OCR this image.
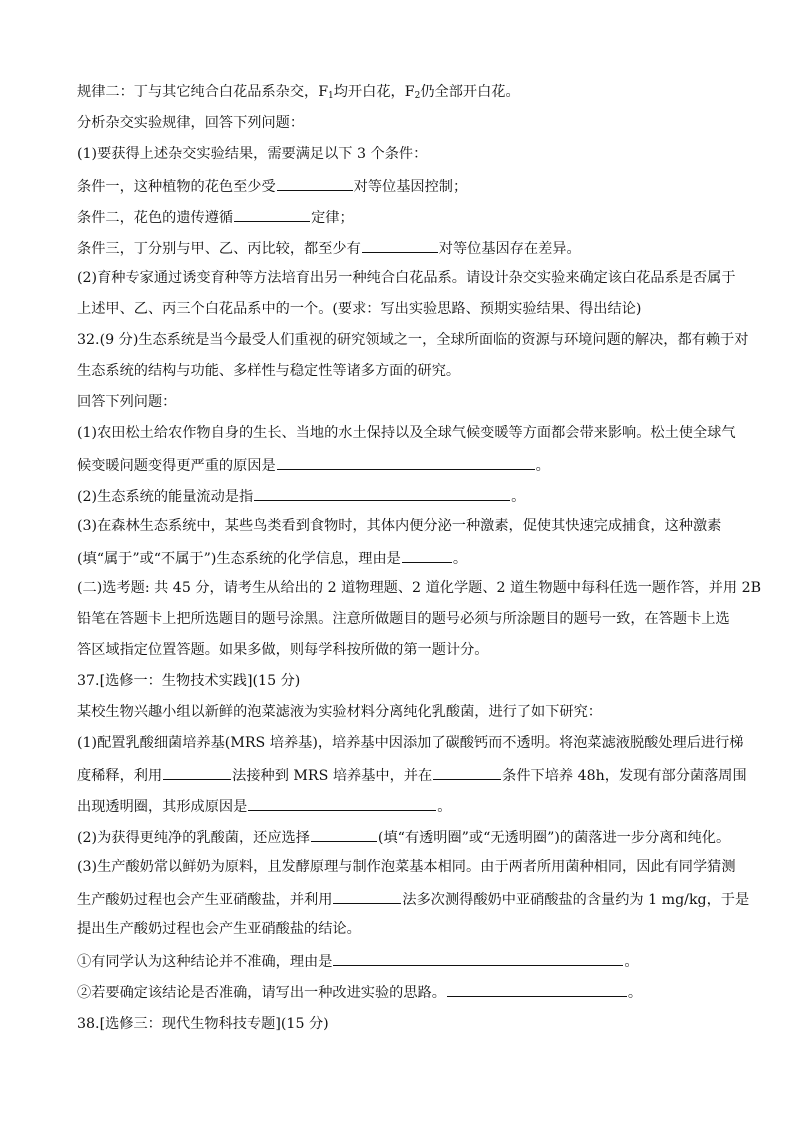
规律二：丁与其它纯合白花品系杂交，$F_1$均开白花，$F_2$仍全部开白花。
分析杂交实验规律，回答下列问题：
(1)要获得上述杂交实验结果，需要满足以下 3 个条件：
条件一，这种植物的花色至少受	对等位基因控制；
条件二，花色的遗传遵循	定律；
条件三，丁分别与甲、乙、丙比较，都至少有	对等位基因存在差异。
(2)育种专家通过诱变育种等方法培育出另一种纯合白花品系。请设计杂交实验来确定该白花品系是否属于
上述甲、乙、丙三个白花品系中的一个。(要求：写出实验思路、预期实验结果、得出结论)
32.(9 分)生态系统是当今最受人们重视的研究领域之一，全球所面临的资源与环境问题的解决，都有赖于对
生态系统的结构与功能、多样性与稳定性等诸多方面的研究。
回答下列问题：
(1)农田松土给农作物自身的生长、当地的水土保持以及全球气候变暖等方面都会带来影响。松土使全球气
候变暖问题变得更严重的原因是	。
(2)生态系统的能量流动是指	。
(3)在森林生态系统中，某些鸟类看到食物时，其体内便分泌一种激素，促使其快速完成捕食，这种激素
(填“属于”或“不属于”)生态系统的化学信息，理由是	。
(二)选考题: 共 45 分，请考生从给出的 2 道物理题、2 道化学题、2 道生物题中每科任选一题作答，并用 2B
铅笔在答题卡上把所选题目的题号涂黑。注意所做题目的题号必须与所涂题目的题号一致，在答题卡上选
答区域指定位置答题。如果多做，则每学科按所做的第一题计分。
37.[选修一：生物技术实践](15 分)
某校生物兴趣小组以新鲜的泡菜滤液为实验材料分离纯化乳酸菌，进行了如下研究：
(1)配置乳酸细菌培养基(MRS 培养基)，培养基中因添加了碳酸钙而不透明。将泡菜滤液脱酸处理后进行梯
度稀释，利用	法接种到 MRS 培养基中，并在	条件下培养 48h，发现有部分菌落周围
出现透明圈，其形成原因是	。
(2)为获得更纯净的乳酸菌，还应选择	(填“有透明圈”或“无透明圈”)的菌落进一步分离和纯化。
(3)生产酸奶常以鲜奶为原料，且发酵原理与制作泡菜基本相同。由于两者所用菌种相同，因此有同学猜测
生产酸奶过程也会产生亚硝酸盐，并利用	法多次测得酸奶中亚硝酸盐的含量约为 1 mg/kg，于是
提出生产酸奶过程也会产生亚硝酸盐的结论。
①有同学认为这种结论并不准确，理由是	。
②若要确定该结论是否准确，请写出一种改进实验的思路。	。
38.[选修三：现代生物科技专题](15 分)
